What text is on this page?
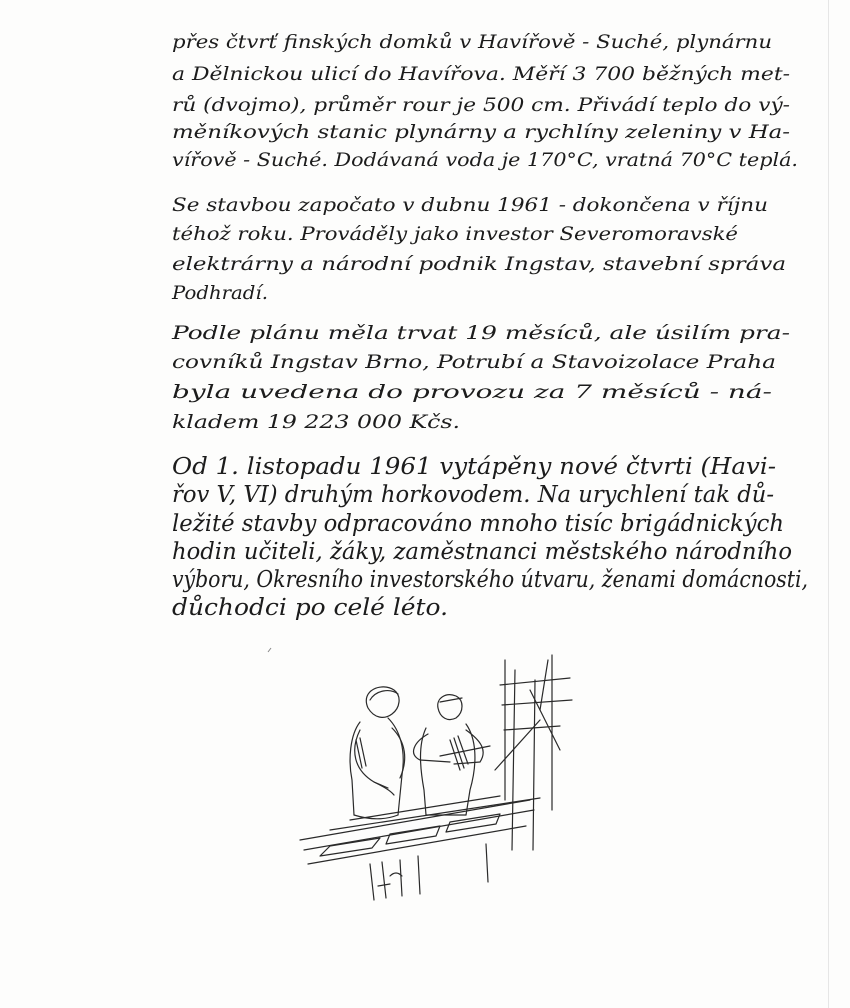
přes čtvrť finských domků v Havířově - Suché, plynárnu
a Dělnickou ulicí do Havířova. Měří 3 700 běžných met-
rů (dvojmo), průměr rour je 500 cm. Přivádí teplo do vý-
měníkových stanic plynárny a rychlíny zeleniny v Ha-
vířově - Suché. Dodávaná voda je 170°C, vratná 70°C teplá.
Se stavbou započato v dubnu 1961 - dokončena v říjnu
téhož roku. Prováděly jako investor Severomoravské
elektrárny a národní podnik Ingstav, stavební správa
Podhradí.
Podle plánu měla trvat 19 měsíců, ale úsilím pra-
covníků Ingstav Brno, Potrubí a Stavoizolace Praha
byla uvedena do provozu za 7 měsíců - ná-
kladem 19 223 000 Kčs.
Od 1. listopadu 1961 vytápěny nové čtvrti (Havi-
řov V, VI) druhým horkovodem. Na urychlení tak dů-
ležité stavby odpracováno mnoho tisíc brigádnických
hodin učiteli, žáky, zaměstnanci městského národního
výboru, Okresního investorského útvaru, ženami domácnosti,
důchodci po celé léto.
